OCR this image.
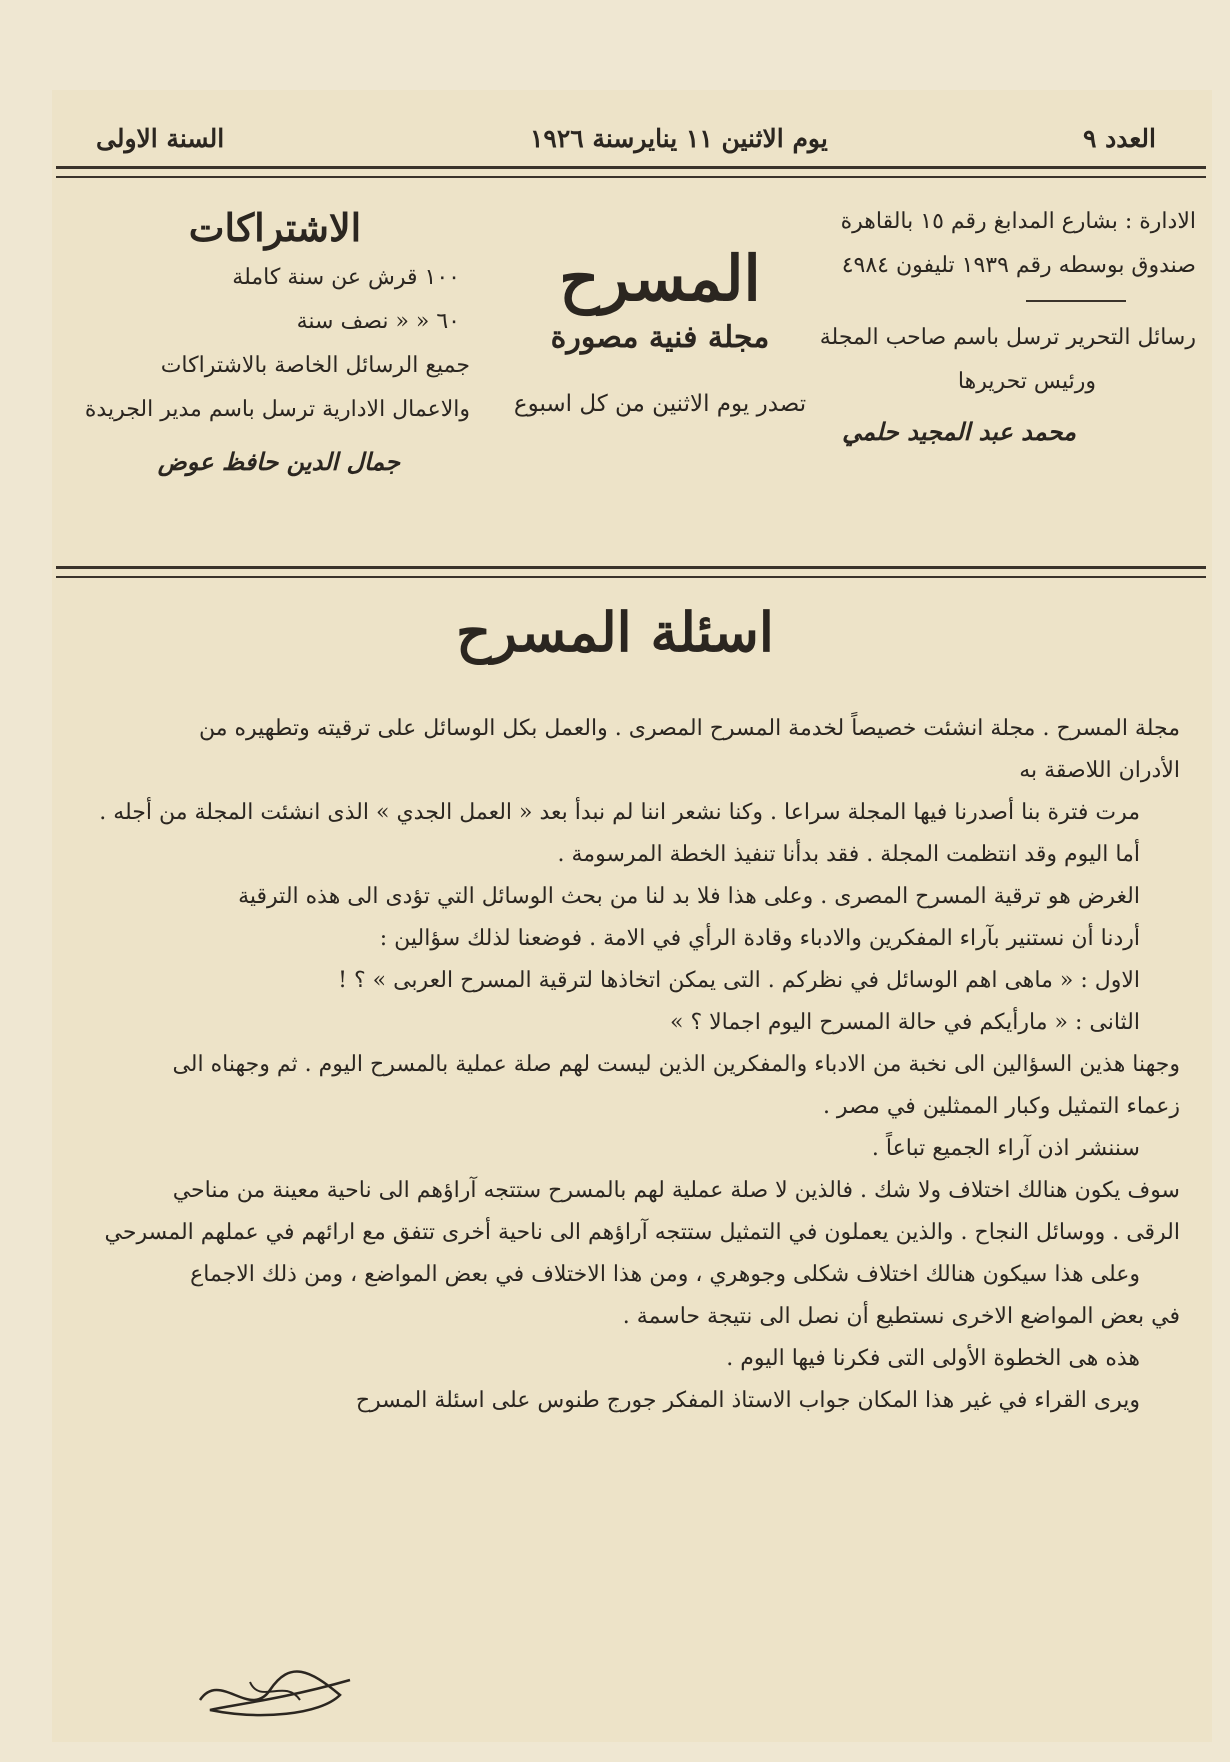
العدد ٩
يوم الاثنين ١١ ينايرسنة ١٩٢٦
السنة الاولى
الادارة : بشارع المدابغ رقم ١٥ بالقاهرة
صندوق بوسطه رقم ١٩٣٩ تليفون ٤٩٨٤
رسائل التحرير ترسل باسم صاحب المجلة
ورئيس تحريرها
محمد عبد المجيد حلمي
المسرح
مجلة فنية مصورة
تصدر يوم الاثنين من كل اسبوع
الاشتراكات
١٠٠ قرش عن سنة كاملة
٦٠ « « نصف سنة
جميع الرسائل الخاصة بالاشتراكات
والاعمال الادارية ترسل باسم مدير الجريدة
جمال الدين حافظ عوض
اسئلة المسرح
مجلة المسرح . مجلة انشئت خصيصاً لخدمة المسرح المصرى . والعمل بكل الوسائل على ترقيته وتطهيره من
الأدران اللاصقة به
مرت فترة بنا أصدرنا فيها المجلة سراعا . وكنا نشعر اننا لم نبدأ بعد « العمل الجدي » الذى انشئت المجلة من أجله .
أما اليوم وقد انتظمت المجلة . فقد بدأنا تنفيذ الخطة المرسومة .
الغرض هو ترقية المسرح المصرى . وعلى هذا فلا بد لنا من بحث الوسائل التي تؤدى الى هذه الترقية
أردنا أن نستنير بآراء المفكرين والادباء وقادة الرأي في الامة . فوضعنا لذلك سؤالين :
الاول : « ماهى اهم الوسائل في نظركم . التى يمكن اتخاذها لترقية المسرح العربى » ؟ !
الثانى : « مارأيكم في حالة المسرح اليوم اجمالا ؟ »
وجهنا هذين السؤالين الى نخبة من الادباء والمفكرين الذين ليست لهم صلة عملية بالمسرح اليوم . ثم وجهناه الى
زعماء التمثيل وكبار الممثلين في مصر .
سننشر اذن آراء الجميع تباعاً .
سوف يكون هنالك اختلاف ولا شك . فالذين لا صلة عملية لهم بالمسرح ستتجه آراؤهم الى ناحية معينة من مناحي
الرقى . ووسائل النجاح . والذين يعملون في التمثيل ستتجه آراؤهم الى ناحية أخرى تتفق مع ارائهم في عملهم المسرحي
وعلى هذا سيكون هنالك اختلاف شكلى وجوهري ، ومن هذا الاختلاف في بعض المواضع ، ومن ذلك الاجماع
في بعض المواضع الاخرى نستطيع أن نصل الى نتيجة حاسمة .
هذه هى الخطوة الأولى التى فكرنا فيها اليوم .
ويرى القراء في غير هذا المكان جواب الاستاذ المفكر جورج طنوس على اسئلة المسرح
